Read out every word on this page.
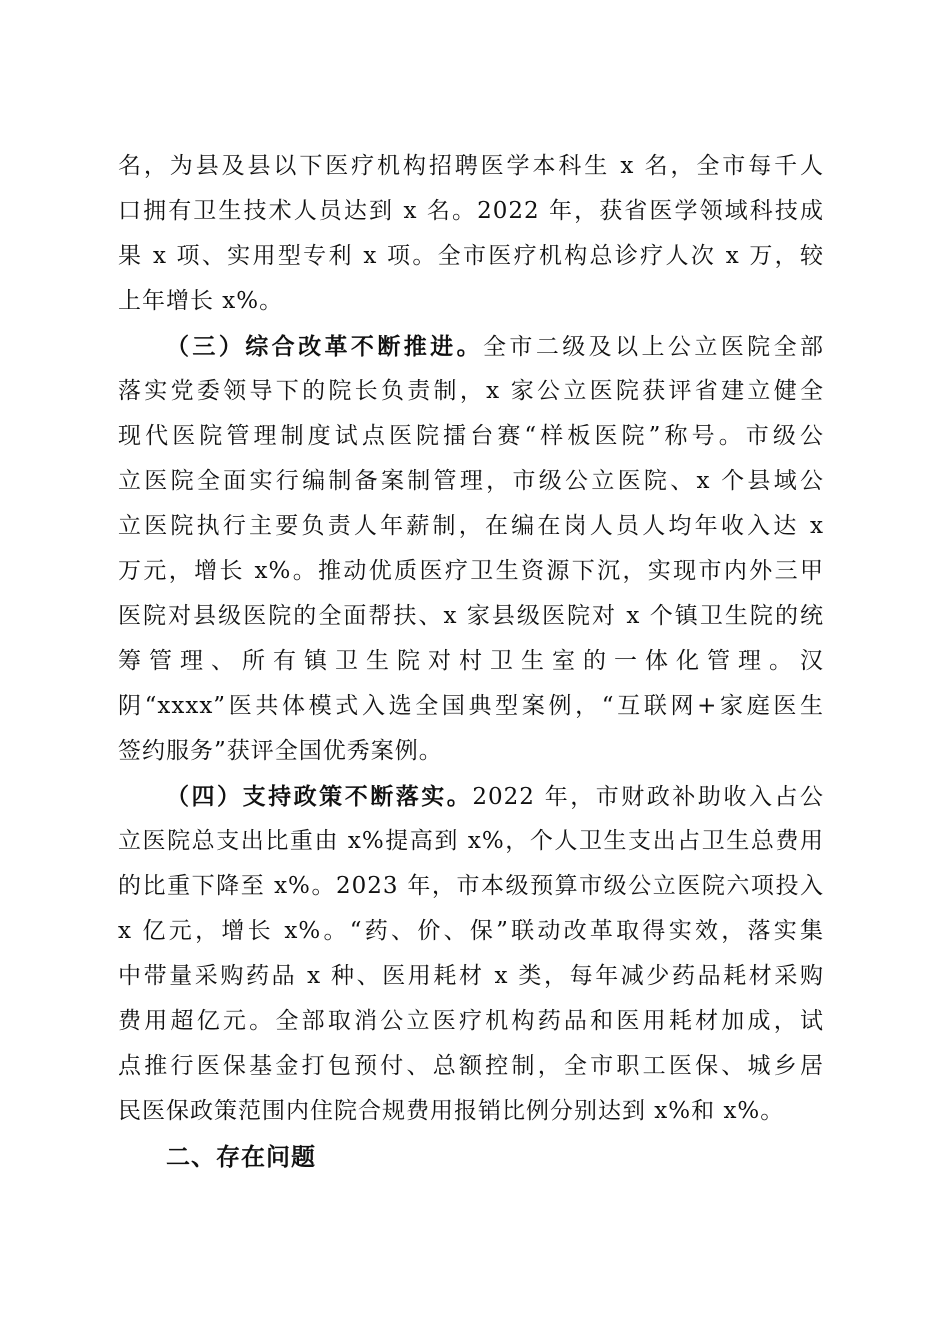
名，为县及县以下医疗机构招聘医学本科生 x 名，全市每千人
口拥有卫生技术人员达到 x 名。2022 年，获省医学领域科技成
果 x 项、实用型专利 x 项。全市医疗机构总诊疗人次 x 万，较
上年增长 x%。
（三）综合改革不断推进。全市二级及以上公立医院全部
落实党委领导下的院长负责制，x 家公立医院获评省建立健全
现代医院管理制度试点医院擂台赛“样板医院”称号。市级公
立医院全面实行编制备案制管理，市级公立医院、x 个县域公
立医院执行主要负责人年薪制，在编在岗人员人均年收入达 x
万元，增长 x%。推动优质医疗卫生资源下沉，实现市内外三甲
医院对县级医院的全面帮扶、x 家县级医院对 x 个镇卫生院的统
筹管理、所有镇卫生院对村卫生室的一体化管理。汉
阴“xxxx”医共体模式入选全国典型案例，“互联网+家庭医生
签约服务”获评全国优秀案例。
（四）支持政策不断落实。2022 年，市财政补助收入占公
立医院总支出比重由 x%提高到 x%，个人卫生支出占卫生总费用
的比重下降至 x%。2023 年，市本级预算市级公立医院六项投入
x 亿元，增长 x%。“药、价、保”联动改革取得实效，落实集
中带量采购药品 x 种、医用耗材 x 类，每年减少药品耗材采购
费用超亿元。全部取消公立医疗机构药品和医用耗材加成，试
点推行医保基金打包预付、总额控制，全市职工医保、城乡居
民医保政策范围内住院合规费用报销比例分别达到 x%和 x%。
二、存在问题
